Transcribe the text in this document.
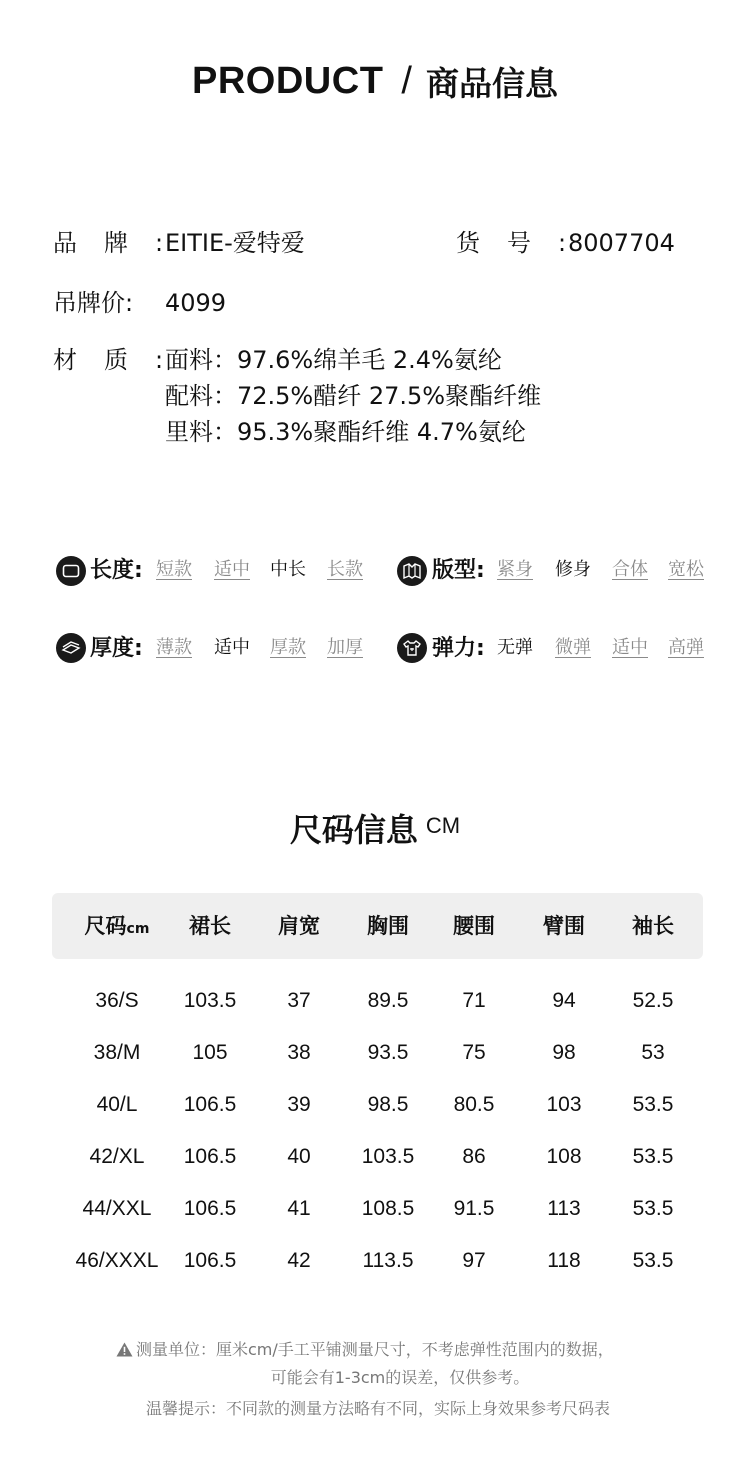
PRODUCT / 商品信息
品牌:
EITIE-爱特爱	货号:
8007704
吊牌价: 4099
材质:
面料：97.6%绵羊毛 2.4%氨纶
配料：72.5%醋纤 27.5%聚酯纤维
里料：95.3%聚酯纤维 4.7%氨纶
长度: 短款 适中 中长 长款	版型: 紧身 修身 合体 宽松
厚度: 薄款 适中 厚款 加厚	弹力: 无弹 微弹 适中 高弹
尺码信息 CM
尺码cm	裙长	肩宽	胸围	腰围	臂围	袖长
36/S	103.5	37	89.5	71	94	52.5
38/M	105	38	93.5	75	98	53
40/L	106.5	39	98.5	80.5	103	53.5
42/XL	106.5	40	103.5	86	108	53.5
44/XXL	106.5	41	108.5	91.5	113	53.5
46/XXXL	106.5	42	113.5	97	118	53.5
测量单位：厘米cm/手工平铺测量尺寸，不考虑弹性范围内的数据，
可能会有1-3cm的误差，仅供参考。
温馨提示：不同款的测量方法略有不同，实际上身效果参考尺码表
